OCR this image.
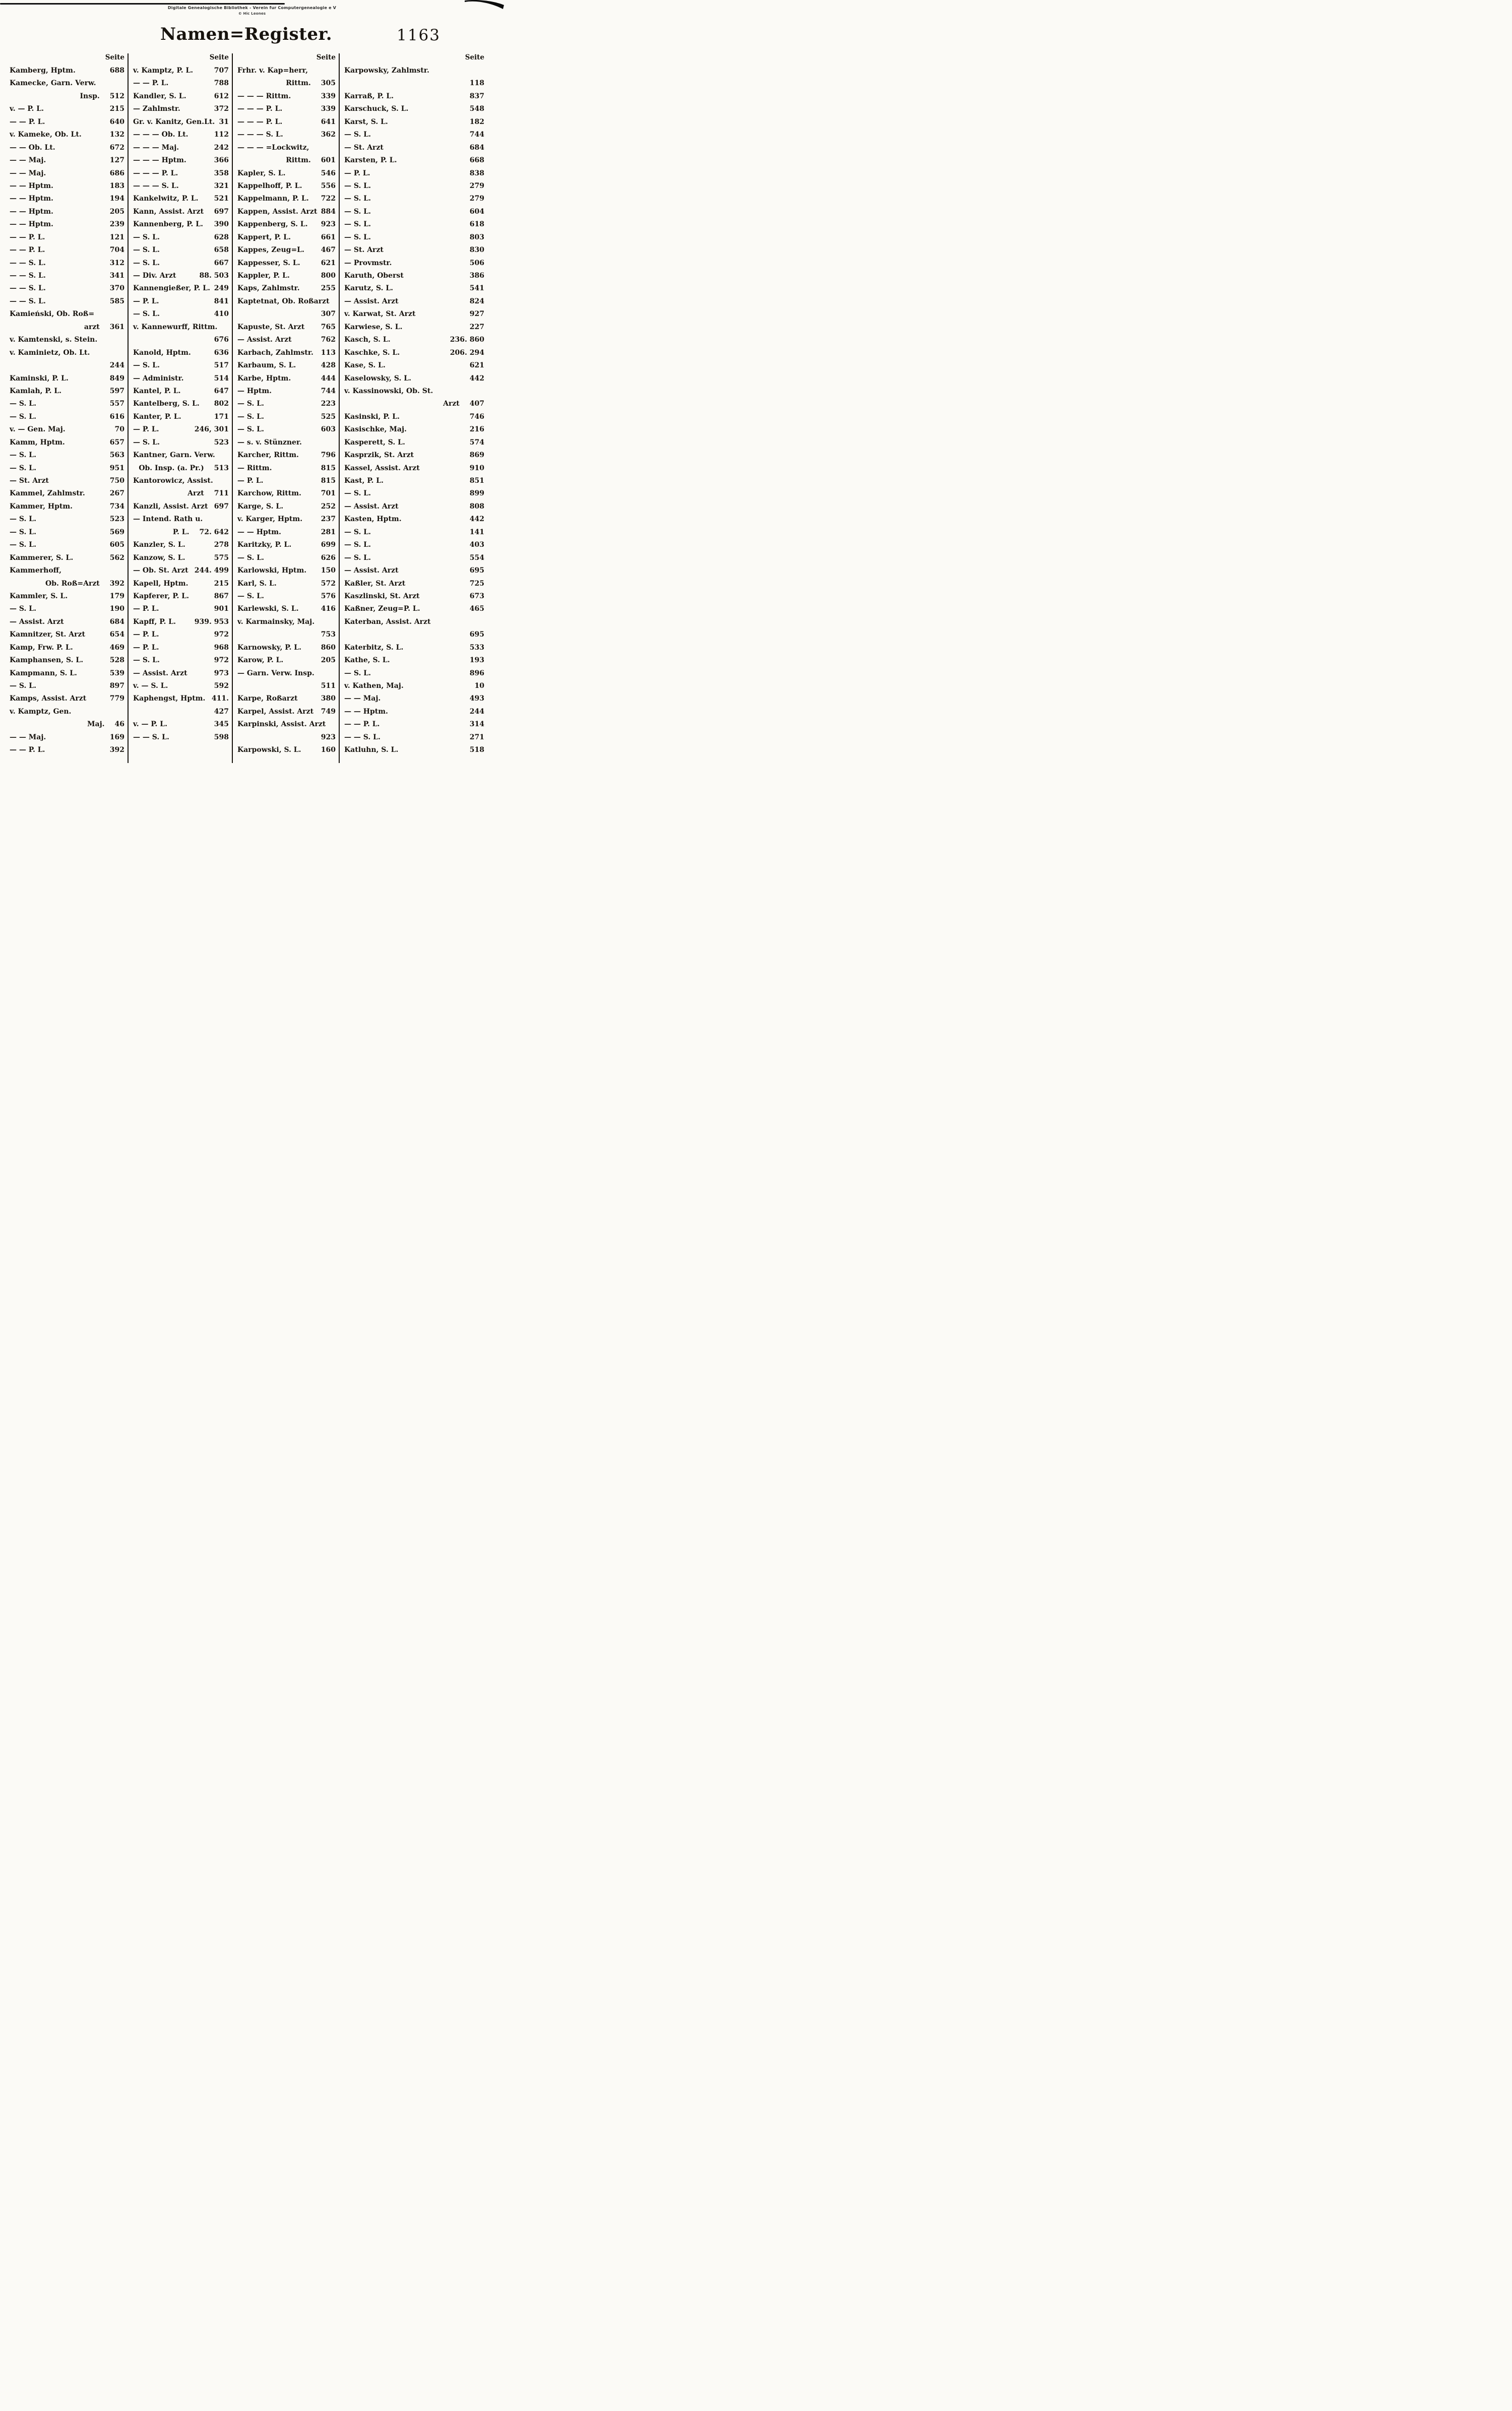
Digitale Genealogische Bibliothek - Verein fur Computergenealogie e V
© Hic Leones
Namen=Register.	1163
Seite
Kamberg, Hptm.	688
Kamecke, Garn. Verw.
Insp. 512
v. — P. L.	215
— — P. L.	640
v. Kameke, Ob. Lt.	132
— — Ob. Lt.	672
— — Maj.	127
— — Maj.	686
— — Hptm.	183
— — Hptm.	194
— — Hptm.	205
— — Hptm.	239
— — P. L.	121
— — P. L.	704
— — S. L.	312
— — S. L.	341
— — S. L.	370
— — S. L.	585
Kamieński, Ob. Roß=
arzt 361
v. Kamtenski, s. Stein.
v. Kaminietz, Ob. Lt.
244
Kaminski, P. L.	849
Kamlah, P. L.	597
— S. L.	557
— S. L.	616
v. — Gen. Maj.	70
Kamm, Hptm.	657
— S. L.	563
— S. L.	951
— St. Arzt	750
Kammel, Zahlmstr.	267
Kammer, Hptm.	734
— S. L.	523
— S. L.	569
— S. L.	605
Kammerer, S. L.	562
Kammerhoff,
Ob. Roß=Arzt 392
Kammler, S. L.	179
— S. L.	190
— Assist. Arzt	684
Kamnitzer, St. Arzt	654
Kamp, Frw. P. L.	469
Kamphansen, S. L.	528
Kampmann, S. L.	539
— S. L.	897
Kamps, Assist. Arzt	779
v. Kamptz, Gen.
Maj. 46
— — Maj.	169
— — P. L.	392
Seite
v. Kamptz, P. L.	707
— — P. L.	788
Kandler, S. L.	612
— Zahlmstr.	372
Gr. v. Kanitz, Gen.Lt. 31
— — — Ob. Lt.	112
— — — Maj.	242
— — — Hptm.	366
— — — P. L.	358
— — — S. L.	321
Kankelwitz, P. L. 521
Kann, Assist. Arzt 697
Kannenberg, P. L. 390
— S. L.	628
— S. L.	658
— S. L.	667
— Div. Arzt	88. 503
Kannengießer, P. L. 249
— P. L.	841
— S. L.	410
v. Kannewurff, Rittm.
676
Kanold, Hptm.	636
— S. L.	517
— Administr.	514
Kantel, P. L.	647
Kantelberg, S. L. 802
Kanter, P. L.	171
— P. L.	246, 301
— S. L.	523
Kantner, Garn. Verw.
Ob. Insp. (a. Pr.) 513
Kantorowicz, Assist.
Arzt 711
Kanzli, Assist. Arzt 697
— Intend. Rath u.
P. L. 72. 642
Kanzler, S. L.	278
Kanzow, S. L.	575
— Ob. St. Arzt 244. 499
Kapell, Hptm.	215
Kapferer, P. L.	867
— P. L.	901
Kapff, P. L.	939. 953
— P. L.	972
— P. L.	968
— S. L.	972
— Assist. Arzt	973
v. — S. L.	592
Kaphengst, Hptm. 411.
427
v. — P. L.	345
— — S. L.	598
Seite
Frhr. v. Kap=herr,
Rittm. 305
— — — Rittm.	339
— — — P. L.	339
— — — P. L.	641
— — — S. L.	362
— — — =Lockwitz,
Rittm. 601
Kapler, S. L.	546
Kappelhoff, P. L.	556
Kappelmann, P. L. 722
Kappen, Assist. Arzt 884
Kappenberg, S. L. 923
Kappert, P. L.	661
Kappes, Zeug=L. 467
Kappesser, S. L.	621
Kappler, P. L.	800
Kaps, Zahlmstr.	255
Kaptetnat, Ob. Roßarzt
307
Kapuste, St. Arzt 765
— Assist. Arzt	762
Karbach, Zahlmstr. 113
Karbaum, S. L.	428
Karbe, Hptm.	444
— Hptm.	744
— S. L.	223
— S. L.	525
— S. L.	603
— s. v. Stünzner.
Karcher, Rittm.	796
— Rittm.	815
— P. L.	815
Karchow, Rittm.	701
Karge, S. L.	252
v. Karger, Hptm.	237
— — Hptm.	281
Karitzky, P. L.	699
— S. L.	626
Karlowski, Hptm. 150
Karl, S. L.	572
— S. L.	576
Karlewski, S. L.	416
v. Karmainsky, Maj.
753
Karnowsky, P. L.	860
Karow, P. L.	205
— Garn. Verw. Insp.
511
Karpe, Roßarzt	380
Karpel, Assist. Arzt 749
Karpinski, Assist. Arzt
923
Karpowski, S. L.	160
Seite
Karpowsky, Zahlmstr.
118
Karraß, P. L.	837
Karschuck, S. L.	548
Karst, S. L.	182
— S. L.	744
— St. Arzt	684
Karsten, P. L.	668
— P. L.	838
— S. L.	279
— S. L.	279
— S. L.	604
— S. L.	618
— S. L.	803
— St. Arzt	830
— Provmstr.	506
Karuth, Oberst	386
Karutz, S. L.	541
— Assist. Arzt	824
v. Karwat, St. Arzt	927
Karwiese, S. L.	227
Kasch, S. L.	236. 860
Kaschke, S. L.	206. 294
Kase, S. L.	621
Kaselowsky, S. L.	442
v. Kassinowski, Ob. St.
Arzt 407
Kasinski, P. L.	746
Kasischke, Maj.	216
Kasperett, S. L.	574
Kasprzik, St. Arzt	869
Kassel, Assist. Arzt	910
Kast, P. L.	851
— S. L.	899
— Assist. Arzt	808
Kasten, Hptm.	442
— S. L.	141
— S. L.	403
— S. L.	554
— Assist. Arzt	695
Kaßler, St. Arzt	725
Kaszlinski, St. Arzt	673
Kaßner, Zeug=P. L.	465
Katerban, Assist. Arzt
695
Katerbitz, S. L.	533
Kathe, S. L.	193
— S. L.	896
v. Kathen, Maj.	10
— — Maj.	493
— — Hptm.	244
— — P. L.	314
— — S. L.	271
Katluhn, S. L.	518
